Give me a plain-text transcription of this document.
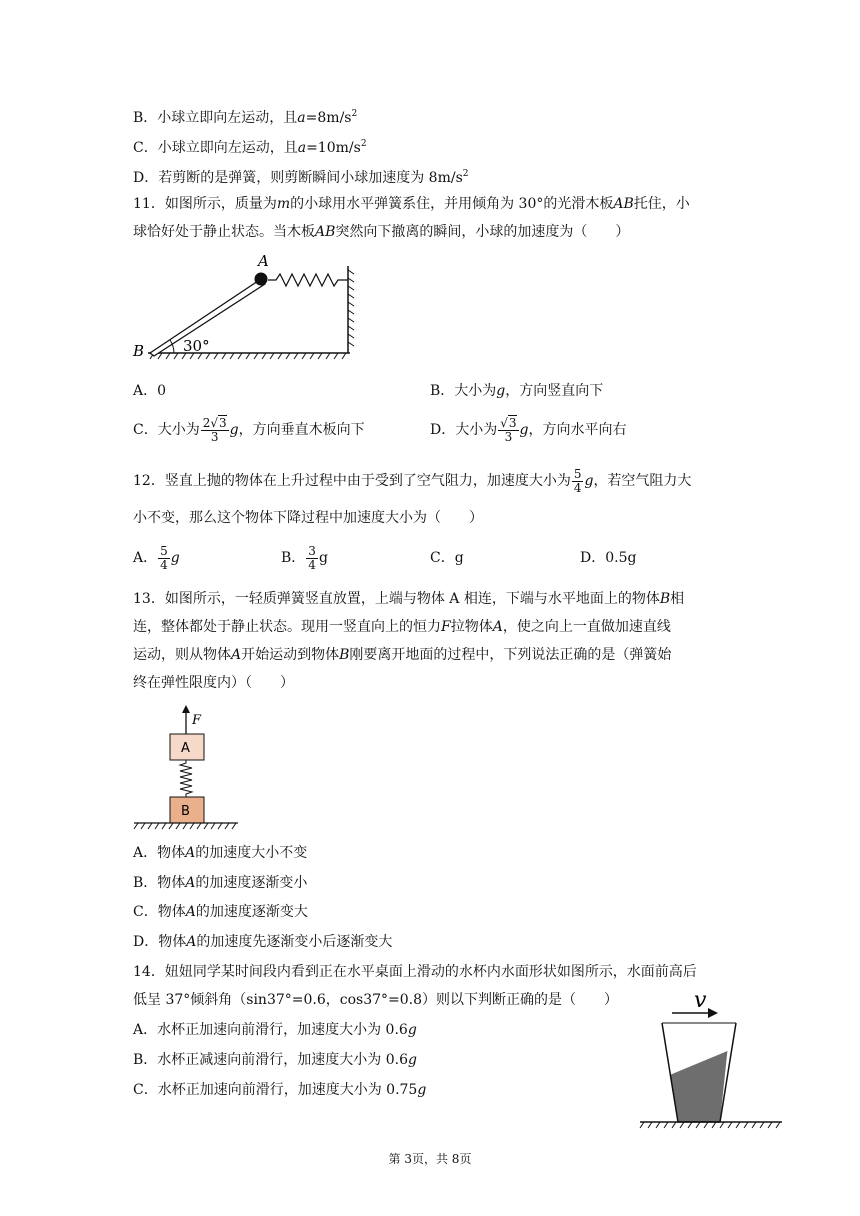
B．小球立即向左运动，且$a=8m/s^2$
C．小球立即向左运动，且$a=10m/s^2$
D．若剪断的是弹簧，则剪断瞬间小球加速度为 $8m/s^2$
11．如图所示，质量为m的小球用水平弹簧系住，并用倾角为 30°的光滑木板AB托住，小
球恰好处于静止状态。当木板AB突然向下撤离的瞬间，小球的加速度为（　　）
A
B	30°
A．0	B．大小为g，方向竖直向下
C．大小为 $\frac{2√3}{3}$ g，方向垂直木板向下	D．大小为 $\frac{√3}{3}$ g，方向水平向右
12．竖直上抛的物体在上升过程中由于受到了空气阻力，加速度大小为 $\frac{5}{4}$ g，若空气阻力大
小不变，那么这个物体下降过程中加速度大小为（　　）
A． $\frac{5}{4}$ g	B． $\frac{3}{4}$ g	C．g	D．0.5g
13．如图所示，一轻质弹簧竖直放置，上端与物体 A 相连，下端与水平地面上的物体B相
连，整体都处于静止状态。现用一竖直向上的恒力F拉物体A，使之向上一直做加速直线
运动，则从物体A开始运动到物体B刚要离开地面的过程中，下列说法正确的是（弹簧始
终在弹性限度内）（　　）
F
A
B
A．物体A的加速度大小不变
B．物体A的加速度逐渐变小
C．物体A的加速度逐渐变大
D．物体A的加速度先逐渐变小后逐渐变大
14．妞妞同学某时间段内看到正在水平桌面上滑动的水杯内水面形状如图所示，水面前高后
低呈 37°倾斜角（sin37°=0.6，cos37°=0.8）则以下判断正确的是（　　）
A．水杯正加速向前滑行，加速度大小为 0.6g
B．水杯正减速向前滑行，加速度大小为 0.6g
C．水杯正加速向前滑行，加速度大小为 0.75g
v
第 3页，共 8页
